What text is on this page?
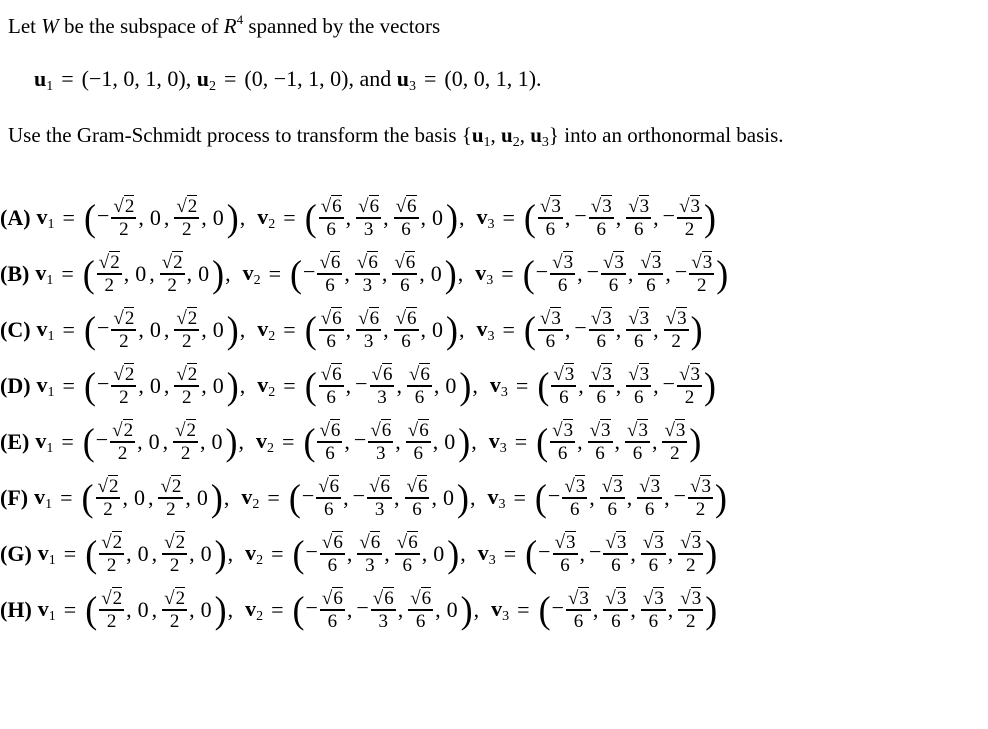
Let W be the subspace of $R^4$ spanned by the vectors
$u_1 = (-1$, 0, 1, 0), $u_2 = (0$, −1, 1, 0), and $u_3 = (0$, 0, 1, 1).
Use the Gram-Schmidt process to transform the basis {$u_1$, $u_2$, $u_3$} into an orthonormal basis.
(A) $v_1$ = ( − $\frac{√2}{2}$ , 0 , $\frac{√2}{2}$ , 0 ) , $v_2$ = ( $\frac{√6}{6}$ , $\frac{√6}{3}$ , $\frac{√6}{6}$ , 0 ) , $v_3$ = ( $\frac{√3}{6}$ , − $\frac{√3}{6}$ , $\frac{√3}{6}$ , − $\frac{√3}{2}$ )
(B) $v_1$ = ( $\frac{√2}{2}$ , 0 , $\frac{√2}{2}$ , 0 ) , $v_2$ = ( − $\frac{√6}{6}$ , $\frac{√6}{3}$ , $\frac{√6}{6}$ , 0 ) , $v_3$ = ( − $\frac{√3}{6}$ , − $\frac{√3}{6}$ , $\frac{√3}{6}$ , − $\frac{√3}{2}$ )
(C) $v_1$ = ( − $\frac{√2}{2}$ , 0 , $\frac{√2}{2}$ , 0 ) , $v_2$ = ( $\frac{√6}{6}$ , $\frac{√6}{3}$ , $\frac{√6}{6}$ , 0 ) , $v_3$ = ( $\frac{√3}{6}$ , − $\frac{√3}{6}$ , $\frac{√3}{6}$ , $\frac{√3}{2}$ )
(D) $v_1$ = ( − $\frac{√2}{2}$ , 0 , $\frac{√2}{2}$ , 0 ) , $v_2$ = ( $\frac{√6}{6}$ , − $\frac{√6}{3}$ , $\frac{√6}{6}$ , 0 ) , $v_3$ = ( $\frac{√3}{6}$ , $\frac{√3}{6}$ , $\frac{√3}{6}$ , − $\frac{√3}{2}$ )
(E) $v_1$ = ( − $\frac{√2}{2}$ , 0 , $\frac{√2}{2}$ , 0 ) , $v_2$ = ( $\frac{√6}{6}$ , − $\frac{√6}{3}$ , $\frac{√6}{6}$ , 0 ) , $v_3$ = ( $\frac{√3}{6}$ , $\frac{√3}{6}$ , $\frac{√3}{6}$ , $\frac{√3}{2}$ )
(F) $v_1$ = ( $\frac{√2}{2}$ , 0 , $\frac{√2}{2}$ , 0 ) , $v_2$ = ( − $\frac{√6}{6}$ , − $\frac{√6}{3}$ , $\frac{√6}{6}$ , 0 ) , $v_3$ = ( − $\frac{√3}{6}$ , $\frac{√3}{6}$ , $\frac{√3}{6}$ , − $\frac{√3}{2}$ )
(G) $v_1$ = ( $\frac{√2}{2}$ , 0 , $\frac{√2}{2}$ , 0 ) , $v_2$ = ( − $\frac{√6}{6}$ , $\frac{√6}{3}$ , $\frac{√6}{6}$ , 0 ) , $v_3$ = ( − $\frac{√3}{6}$ , − $\frac{√3}{6}$ , $\frac{√3}{6}$ , $\frac{√3}{2}$ )
(H) $v_1$ = ( $\frac{√2}{2}$ , 0 , $\frac{√2}{2}$ , 0 ) , $v_2$ = ( − $\frac{√6}{6}$ , − $\frac{√6}{3}$ , $\frac{√6}{6}$ , 0 ) , $v_3$ = ( − $\frac{√3}{6}$ , $\frac{√3}{6}$ , $\frac{√3}{6}$ , $\frac{√3}{2}$ )
